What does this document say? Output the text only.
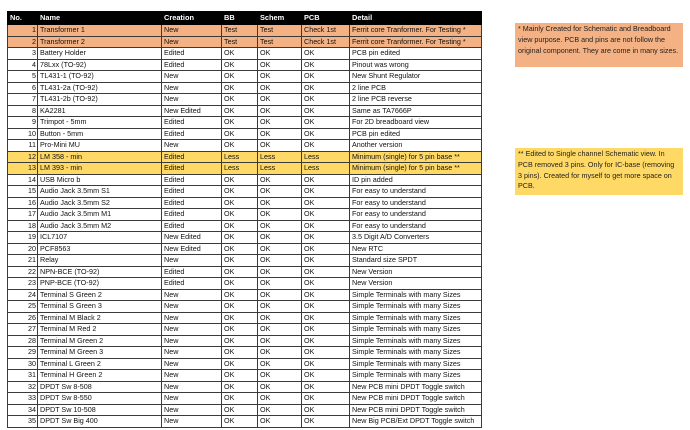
No.	Name	Creation	BB	Schem	PCB	Detail
1	Transformer 1	New	Test	Test	Check 1st	Ferrit core Tranformer. For Testing *
2	Transformer 2	New	Test	Test	Check 1st	Ferrit core Tranformer. For Testing *
3	Battery Holder	Edited	OK	OK	OK	PCB pin edited
4	78Lxx (TO-92)	Edited	OK	OK	OK	Pinout was wrong
5	TL431-1 (TO-92)	New	OK	OK	OK	New Shunt Regulator
6	TL431-2a (TO-92)	New	OK	OK	OK	2 line PCB
7	TL431-2b (TO-92)	New	OK	OK	OK	2 line PCB reverse
8	KA2281	New Edited	OK	OK	OK	Same as TA7666P
9	Trimpot - 5mm	Edited	OK	OK	OK	For 2D breadboard view
10	Button - 5mm	Edited	OK	OK	OK	PCB pin edited
11	Pro-Mini MU	New	OK	OK	OK	Another version
12	LM 358 - min	Edited	Less	Less	Less	Minimum (single) for 5 pin base **
13	LM 393 - min	Edited	Less	Less	Less	Minimum (single) for 5 pin base **
14	USB Micro b	Edited	OK	OK	OK	ID pin added
15	Audio Jack 3.5mm S1	Edited	OK	OK	OK	For easy to understand
16	Audio Jack 3.5mm S2	Edited	OK	OK	OK	For easy to understand
17	Audio Jack 3.5mm M1	Edited	OK	OK	OK	For easy to understand
18	Audio Jack 3.5mm M2	Edited	OK	OK	OK	For easy to understand
19	ICL7107	New Edited	OK	OK	OK	3.5 Digit A/D Converters
20	PCF8563	New Edited	OK	OK	OK	New RTC
21	Relay	New	OK	OK	OK	Standard size SPDT
22	NPN-BCE (TO-92)	Edited	OK	OK	OK	New Version
23	PNP-BCE (TO-92)	Edited	OK	OK	OK	New Version
24	Terminal S Green 2	New	OK	OK	OK	Simple Terminals with many Sizes
25	Terminal S Green 3	New	OK	OK	OK	Simple Terminals with many Sizes
26	Terminal M Black 2	New	OK	OK	OK	Simple Terminals with many Sizes
27	Terminal M Red 2	New	OK	OK	OK	Simple Terminals with many Sizes
28	Terminal M Green 2	New	OK	OK	OK	Simple Terminals with many Sizes
29	Terminal M Green 3	New	OK	OK	OK	Simple Terminals with many Sizes
30	Terminal L Green 2	New	OK	OK	OK	Simple Terminals with many Sizes
31	Terminal H Green 2	New	OK	OK	OK	Simple Terminals with many Sizes
32	DPDT Sw 8-508	New	OK	OK	OK	New PCB mini DPDT Toggle switch
33	DPDT Sw 8-550	New	OK	OK	OK	New PCB mini DPDT Toggle switch
34	DPDT Sw 10-508	New	OK	OK	OK	New PCB mini DPDT Toggle switch
35	DPDT Sw Big 400	New	OK	OK	OK	New Big PCB/Ext DPDT Toggle switch
* Mainly Created for Schematic and Breadboard view purpose. PCB and pins are not follow the original component. They are come in many sizes.
** Edited to Single channel Schematic view. In PCB removed 3 pins. Only for IC-base (removing 3 pins). Created for myself to get more space on PCB.
